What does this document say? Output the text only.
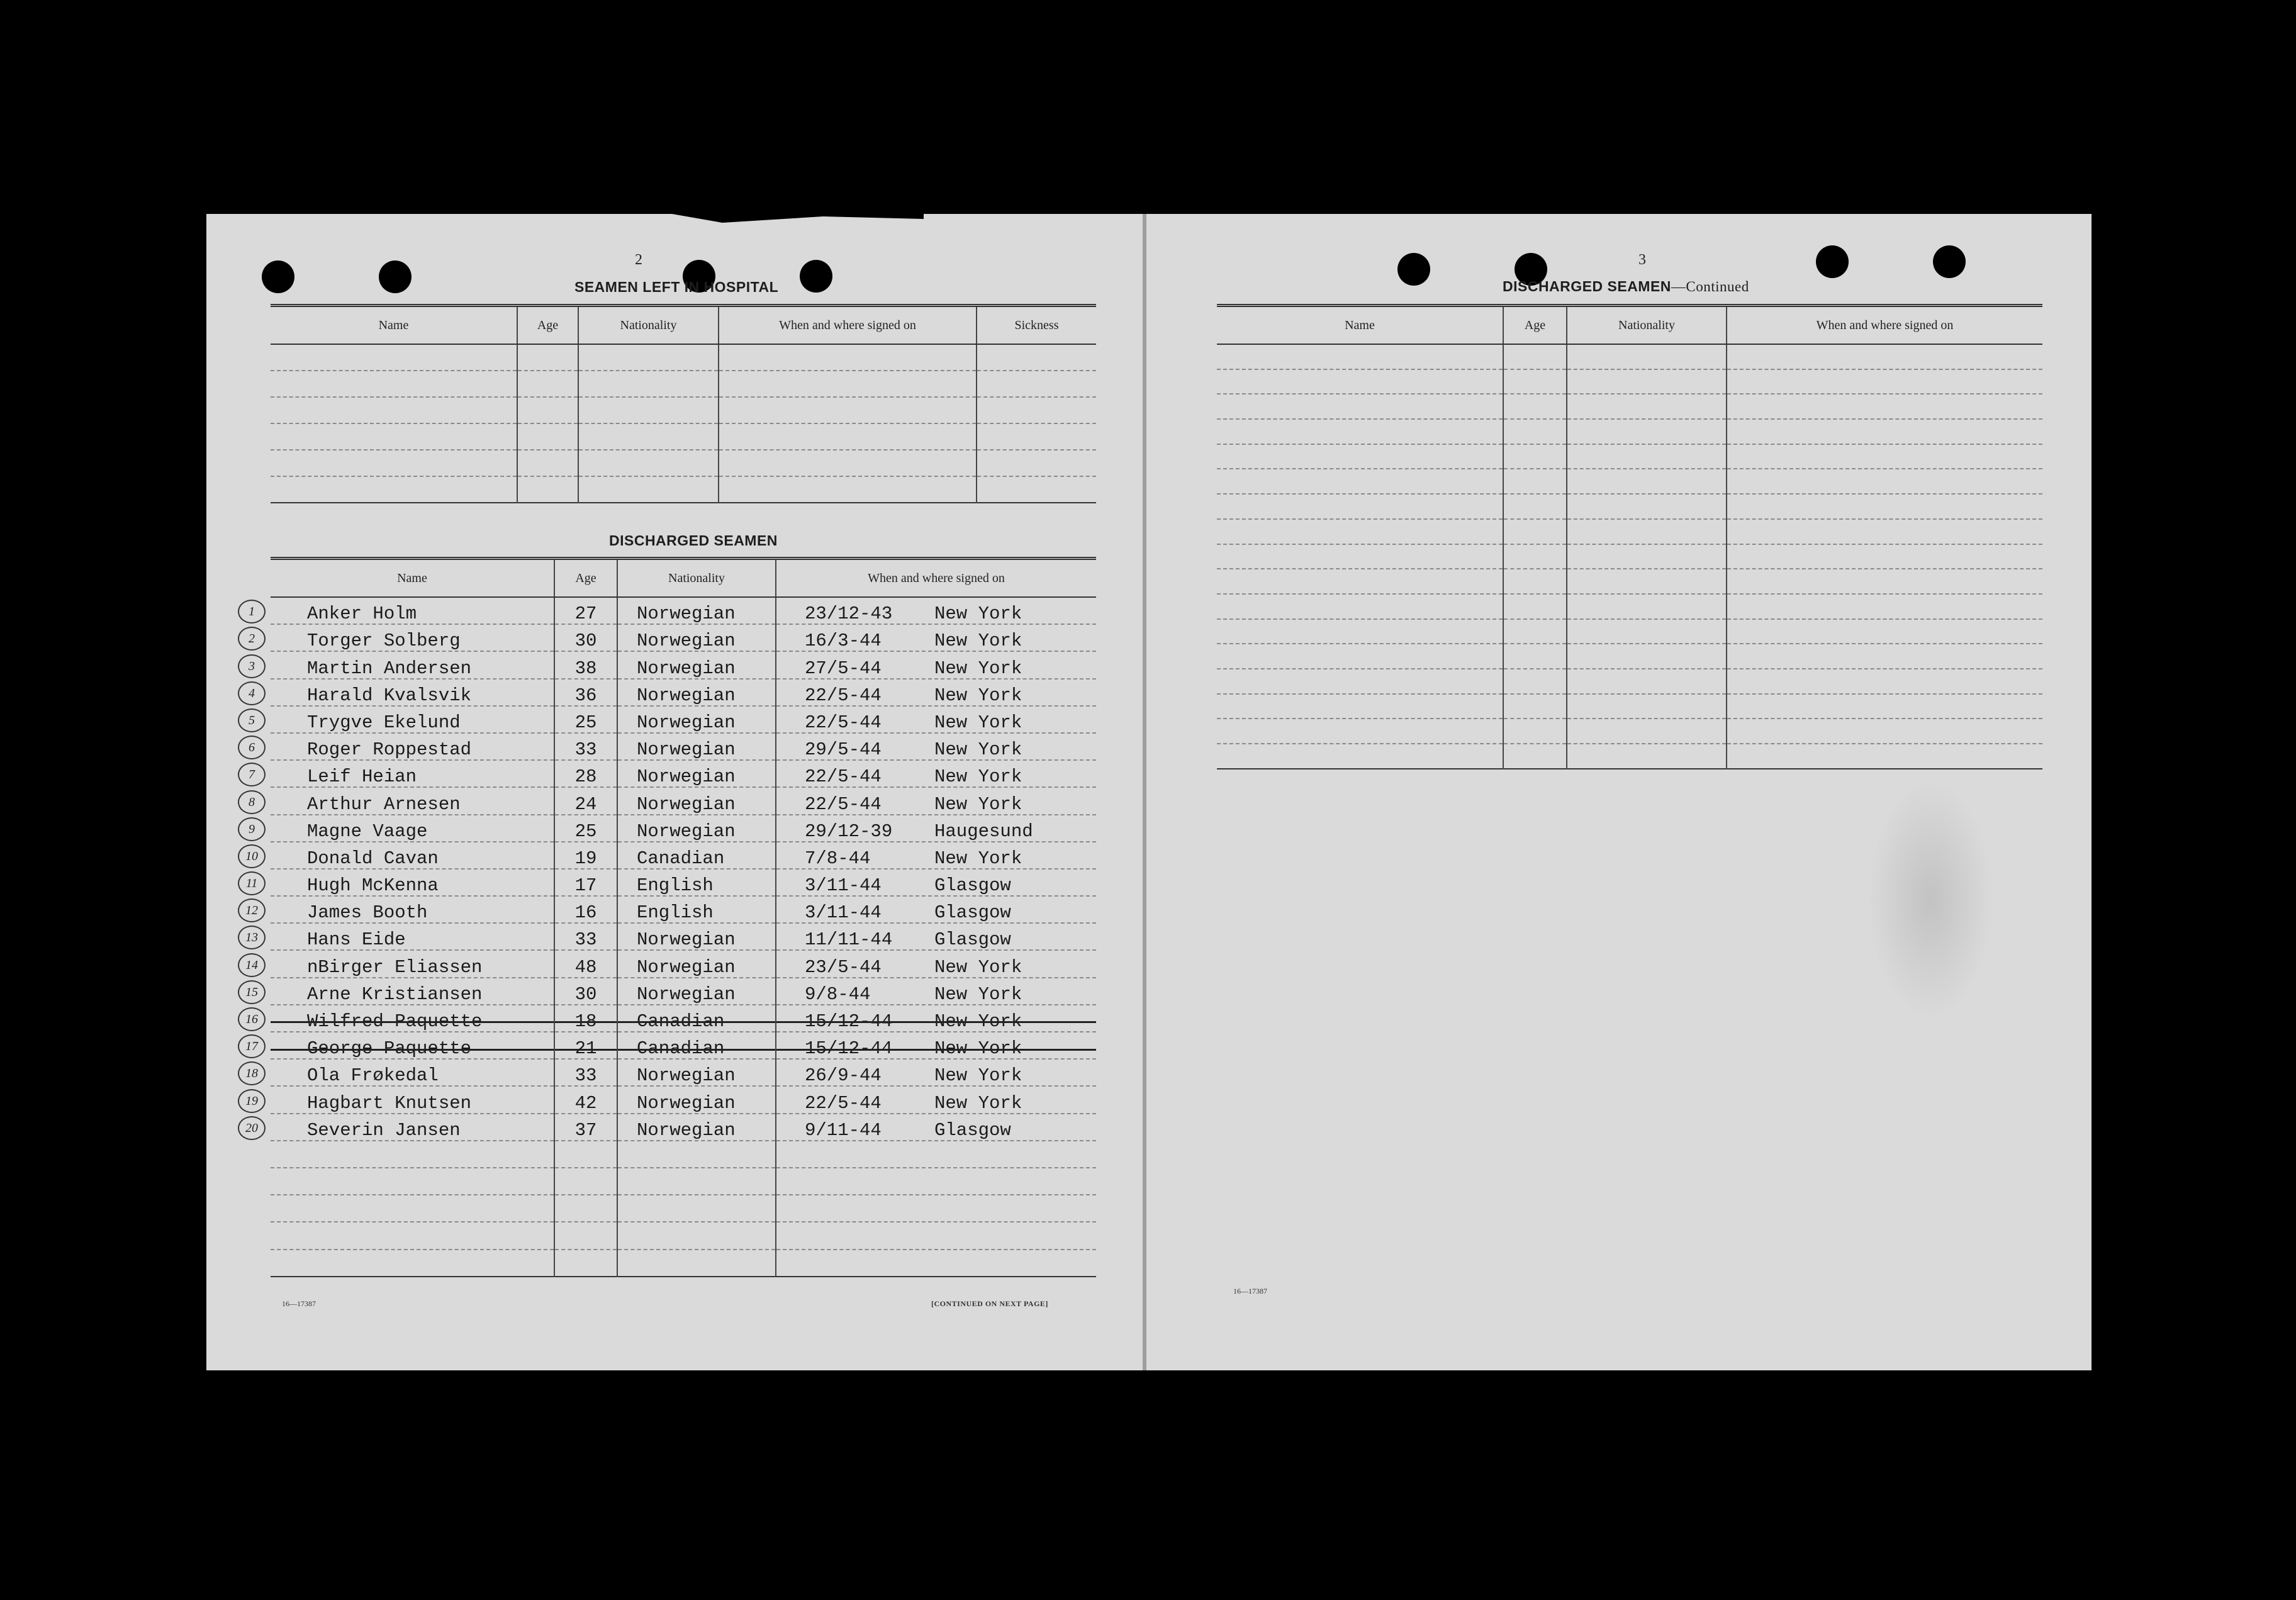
2
SEAMEN LEFT IN HOSPITAL
Name	Age	Nationality	When and where signed on	Sickness

DISCHARGED SEAMEN
Name	Age	Nationality	When and where signed on

1 Anker Holm	27	Norwegian	23/12-43 New York

2 Torger Solberg	30	Norwegian	16/3-44 New York

3 Martin Andersen	38	Norwegian	27/5-44 New York

4 Harald Kvalsvik	36	Norwegian	22/5-44 New York

5 Trygve Ekelund	25	Norwegian	22/5-44 New York

6 Roger Roppestad	33	Norwegian	29/5-44 New York

7 Leif Heian	28	Norwegian	22/5-44 New York

8 Arthur Arnesen	24	Norwegian	22/5-44 New York

9 Magne Vaage	25	Norwegian	29/12-39 Haugesund

10 Donald Cavan	19	Canadian	7/8-44 New York

11 Hugh McKenna	17	English	3/11-44 Glasgow

12 James Booth	16	English	3/11-44 Glasgow

13 Hans Eide	33	Norwegian	11/11-44 Glasgow

14 nBirger Eliassen	48	Norwegian	23/5-44 New York

15 Arne Kristiansen	30	Norwegian	9/8-44 New York

16 Wilfred Paquette	18	Canadian	15/12-44 New York

17 George Paquette	21	Canadian	15/12-44 New York

18 Ola Frøkedal	33	Norwegian	26/9-44 New York

19 Hagbart Knutsen	42	Norwegian	22/5-44 New York

20 Severin Jansen	37	Norwegian	9/11-44 Glasgow

16—17387	[CONTINUED ON NEXT PAGE]
3
DISCHARGED SEAMEN—Continued
Name	Age	Nationality	When and where signed on

16—17387
